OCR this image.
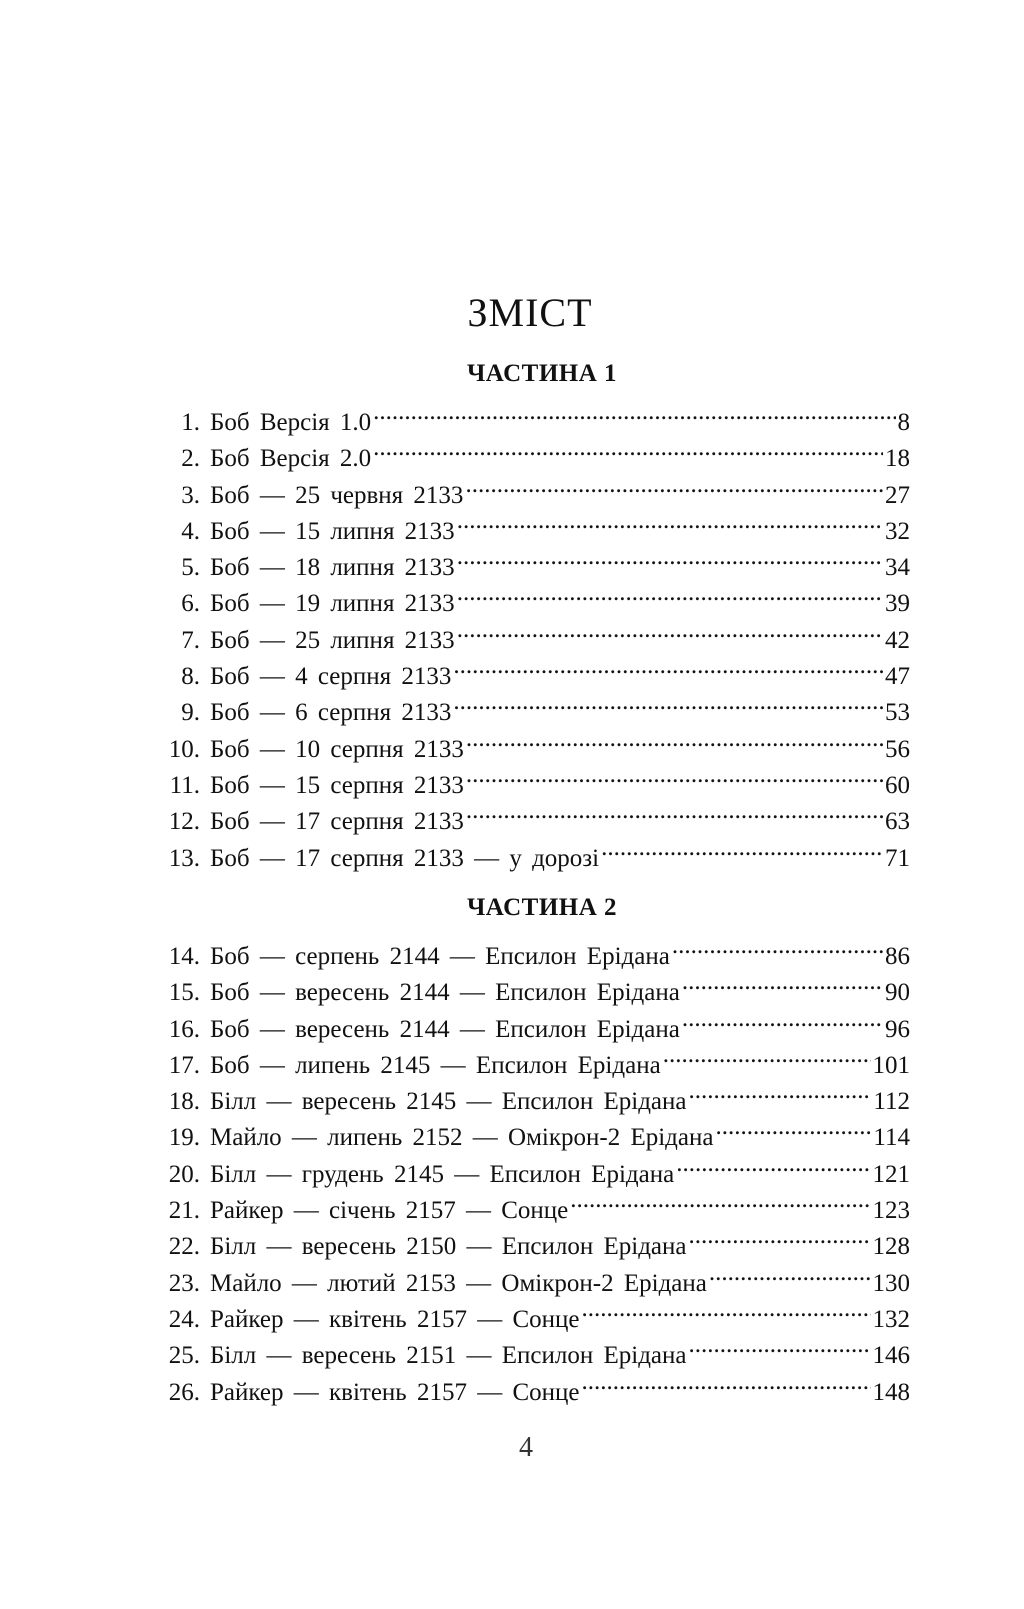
ЗМІСТ
ЧАСТИНА 1
1. Боб Версія 1.0 .....	8
2. Боб Версія 2.0 .....	18
3. Боб — 25 червня 2133 .....	27
4. Боб — 15 липня 2133 .....	32
5. Боб — 18 липня 2133 .....	34
6. Боб — 19 липня 2133 .....	39
7. Боб — 25 липня 2133 .....	42
8. Боб — 4 серпня 2133 .....	47
9. Боб — 6 серпня 2133 .....	53
10. Боб — 10 серпня 2133 .....	56
11. Боб — 15 серпня 2133 .....	60
12. Боб — 17 серпня 2133 .....	63
13. Боб — 17 серпня 2133 — у дорозі .....	71
ЧАСТИНА 2
14. Боб — серпень 2144 — Епсилон Ерідана .....	86
15. Боб — вересень 2144 — Епсилон Ерідана .....	90
16. Боб — вересень 2144 — Епсилон Ерідана .....	96
17. Боб — липень 2145 — Епсилон Ерідана .....	101
18. Білл — вересень 2145 — Епсилон Ерідана .....	112
19. Майло — липень 2152 — Омікрон-2 Ерідана .....	114
20. Білл — грудень 2145 — Епсилон Ерідана .....	121
21. Райкер — січень 2157 — Сонце .....	123
22. Білл — вересень 2150 — Епсилон Ерідана .....	128
23. Майло — лютий 2153 — Омікрон-2 Ерідана .....	130
24. Райкер — квітень 2157 — Сонце .....	132
25. Білл — вересень 2151 — Епсилон Ерідана .....	146
26. Райкер — квітень 2157 — Сонце .....	148
4
